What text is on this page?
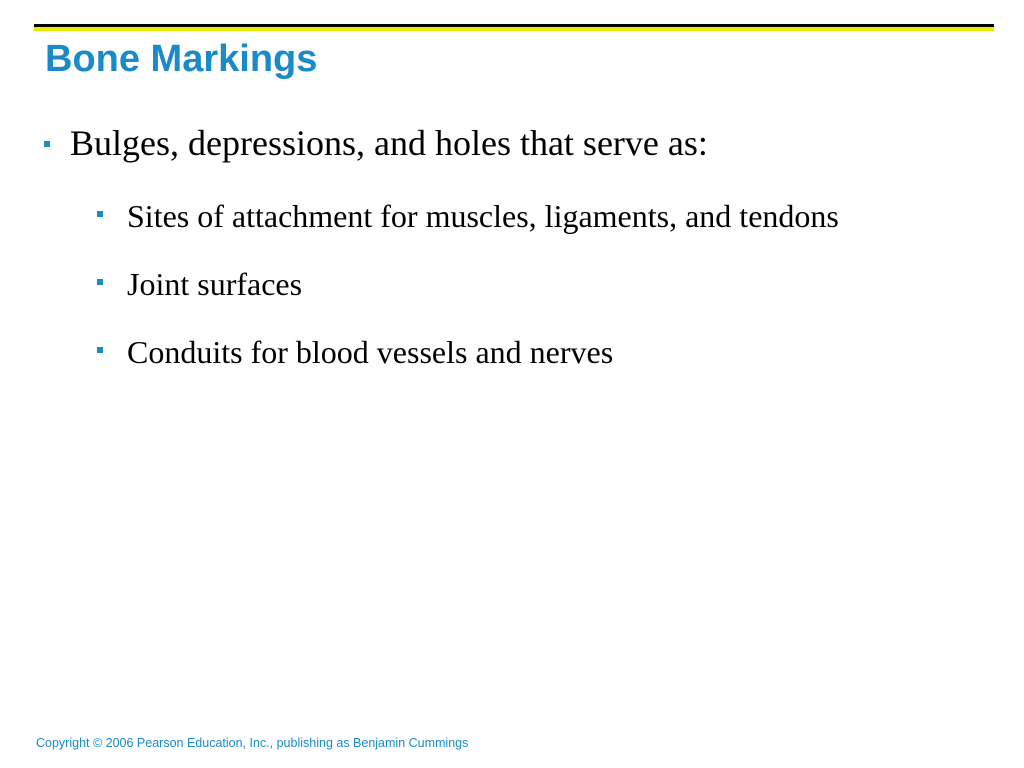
Bone Markings
Bulges, depressions, and holes that serve as:
Sites of attachment for muscles, ligaments, and tendons
Joint surfaces
Conduits for blood vessels and nerves
Copyright © 2006 Pearson Education, Inc., publishing as Benjamin Cummings
